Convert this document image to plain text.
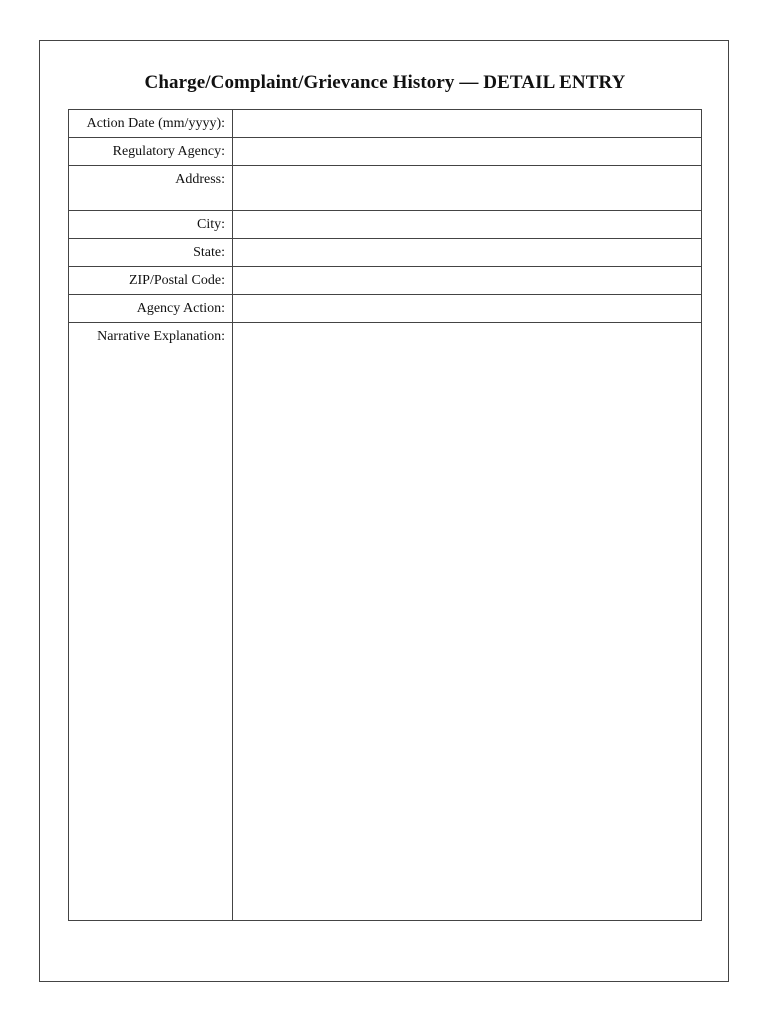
Charge/Complaint/Grievance History — DETAIL ENTRY
Action Date (mm/yyyy):	
Regulatory Agency:	
Address:	
City:	
State:	
ZIP/Postal Code:	
Agency Action:	
Narrative Explanation:	
